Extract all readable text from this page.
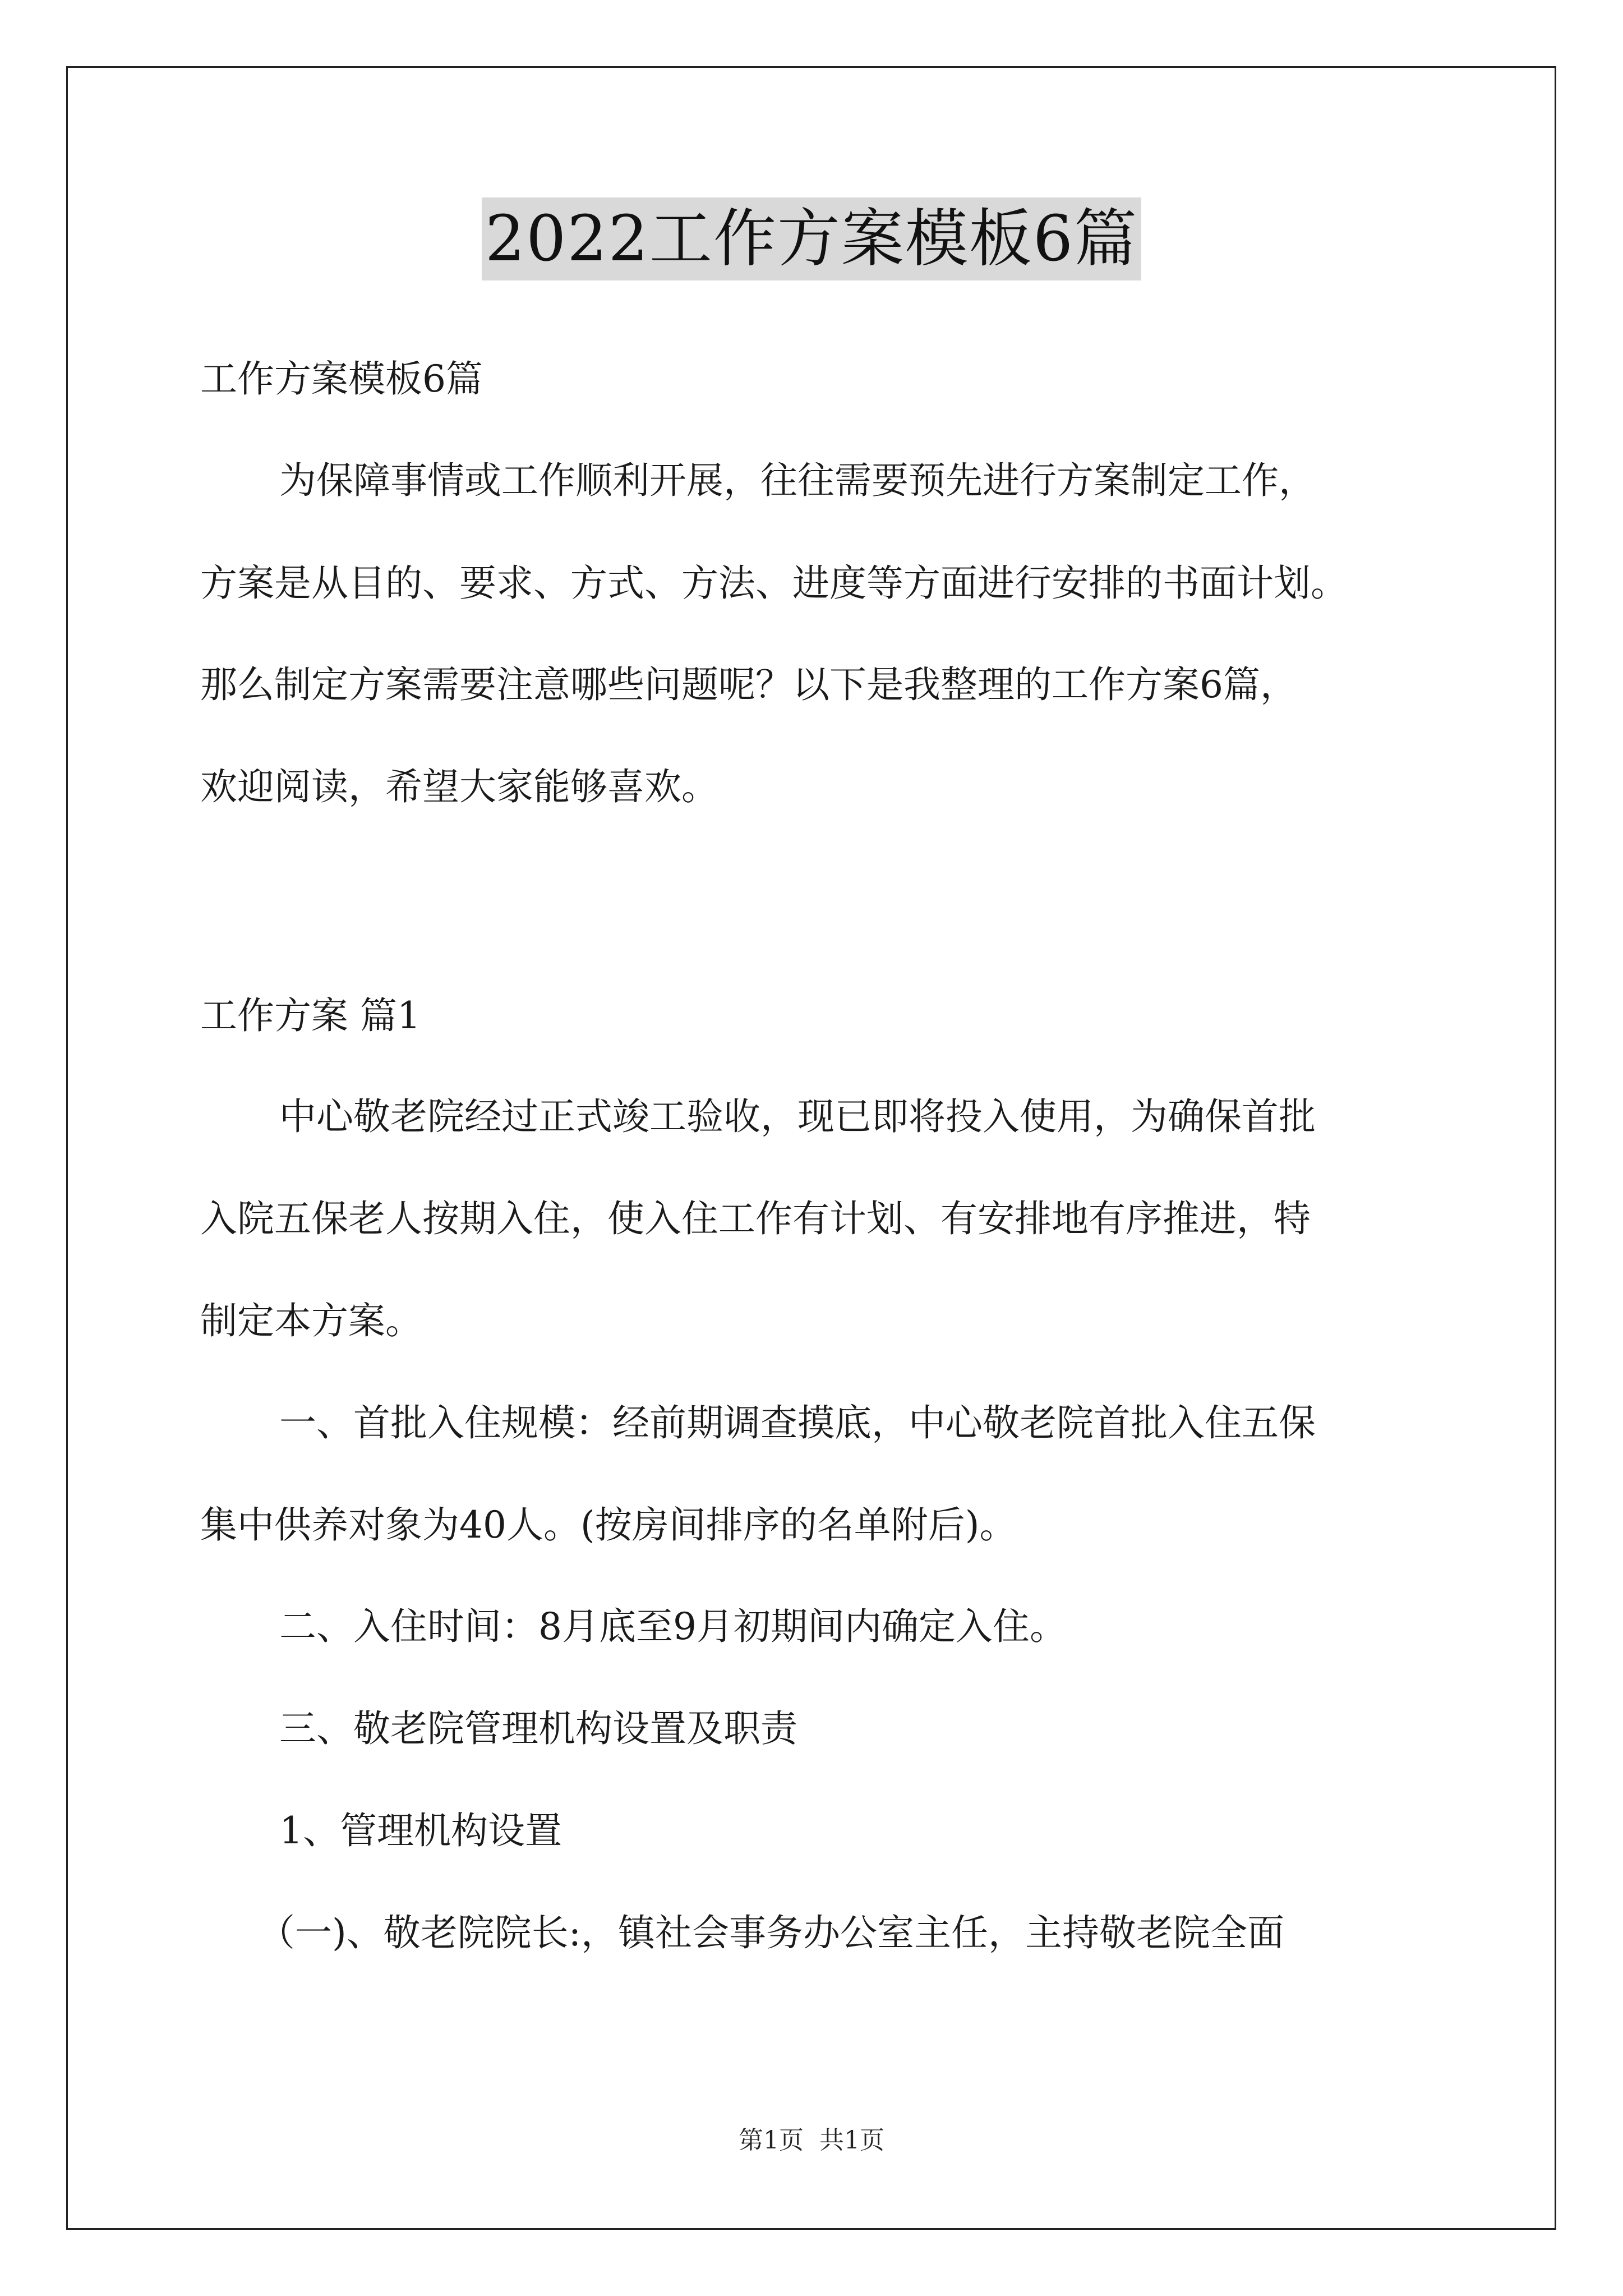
2022工作方案模板6篇
工作方案模板6篇
为保障事情或工作顺利开展，往往需要预先进行方案制定工作，
方案是从目的、要求、方式、方法、进度等方面进行安排的书面计划。
那么制定方案需要注意哪些问题呢？以下是我整理的工作方案6篇，
欢迎阅读，希望大家能够喜欢。
工作方案 篇1
中心敬老院经过正式竣工验收，现已即将投入使用，为确保首批
入院五保老人按期入住，使入住工作有计划、有安排地有序推进，特
制定本方案。
一、首批入住规模：经前期调查摸底，中心敬老院首批入住五保
集中供养对象为40人。(按房间排序的名单附后)。
二、入住时间：8月底至9月初期间内确定入住。
三、敬老院管理机构设置及职责
1、管理机构设置
（一)、敬老院院长:，镇社会事务办公室主任，主持敬老院全面
第1页 共1页
